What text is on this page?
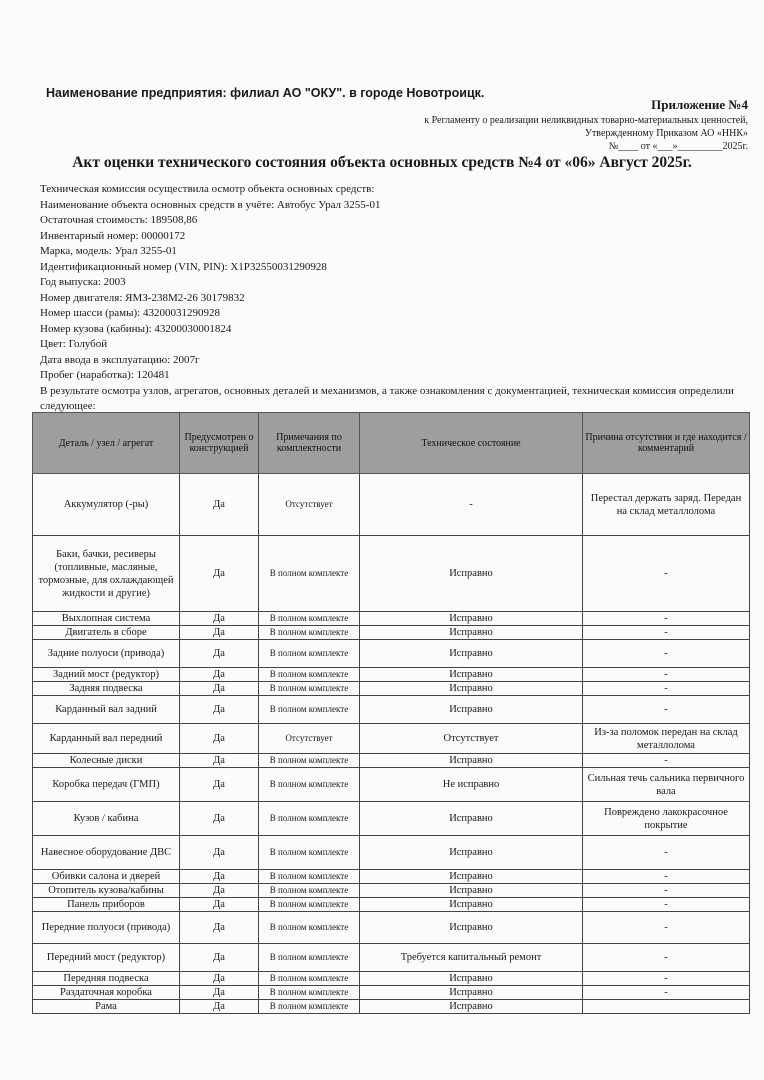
Наименование предприятия: филиал АО "ОКУ". в городе Новотроицк.
Приложение №4
к Регламенту о реализации неликвидных товарно-материальных ценностей,
Утвержденному Приказом АО «ННК»
№____ от «___»_________2025г.
Акт оценки технического состояния объекта основных средств №4 от «06» Август 2025г.
Техническая комиссия осуществила осмотр объекта основных средств:
Наименование объекта основных средств в учёте: Автобус Урал 3255-01
Остаточная стоимость: 189508,86
Инвентарный номер: 00000172
Марка, модель: Урал 3255-01
Идентификационный номер (VIN, PIN): X1P32550031290928
Год выпуска: 2003
Номер двигателя: ЯМЗ-238М2-26 30179832
Номер шасси (рамы): 43200031290928
Номер кузова (кабины): 43200030001824
Цвет: Голубой
Дата ввода в эксплуатацию: 2007г
Пробег (наработка): 120481
В результате осмотра узлов, агрегатов, основных деталей и механизмов, а также ознакомления с документацией, техническая комиссия определили следующее:
Деталь / узел / агрегат	Предусмотрен о конструкцией	Примечания по комплектности	Техническое состояние	Причина отсутствия и где находится / комментарий
Аккумулятор (-ры)	Да	Отсутствует	-	Перестал держать заряд. Передан на склад металлолома
Баки, бачки, ресиверы (топливные, масляные, тормозные, для охлаждающей жидкости и другие)	Да	В полном комплекте	Исправно	-
Выхлопная система	Да	В полном комплекте	Исправно	-
Двигатель в сборе	Да	В полном комплекте	Исправно	-
Задние полуоси (привода)	Да	В полном комплекте	Исправно	-
Задний мост (редуктор)	Да	В полном комплекте	Исправно	-
Задняя подвеска	Да	В полном комплекте	Исправно	-
Карданный вал задний	Да	В полном комплекте	Исправно	-
Карданный вал передний	Да	Отсутствует	Отсутствует	Из-за поломок передан на склад металлолома
Колесные диски	Да	В полном комплекте	Исправно	-
Коробка передач (ГМП)	Да	В полном комплекте	Не исправно	Сильная течь сальника первичного вала
Кузов / кабина	Да	В полном комплекте	Исправно	Повреждено лакокрасочное покрытие
Навесное оборудование ДВС	Да	В полном комплекте	Исправно	-
Обивки салона и дверей	Да	В полном комплекте	Исправно	-
Отопитель кузова/кабины	Да	В полном комплекте	Исправно	-
Панель приборов	Да	В полном комплекте	Исправно	-
Передние полуоси (привода)	Да	В полном комплекте	Исправно	-
Передний мост (редуктор)	Да	В полном комплекте	Требуется капитальный ремонт	-
Передняя подвеска	Да	В полном комплекте	Исправно	-
Раздаточная коробка	Да	В полном комплекте	Исправно	-
Рама	Да	В полном комплекте	Исправно	
